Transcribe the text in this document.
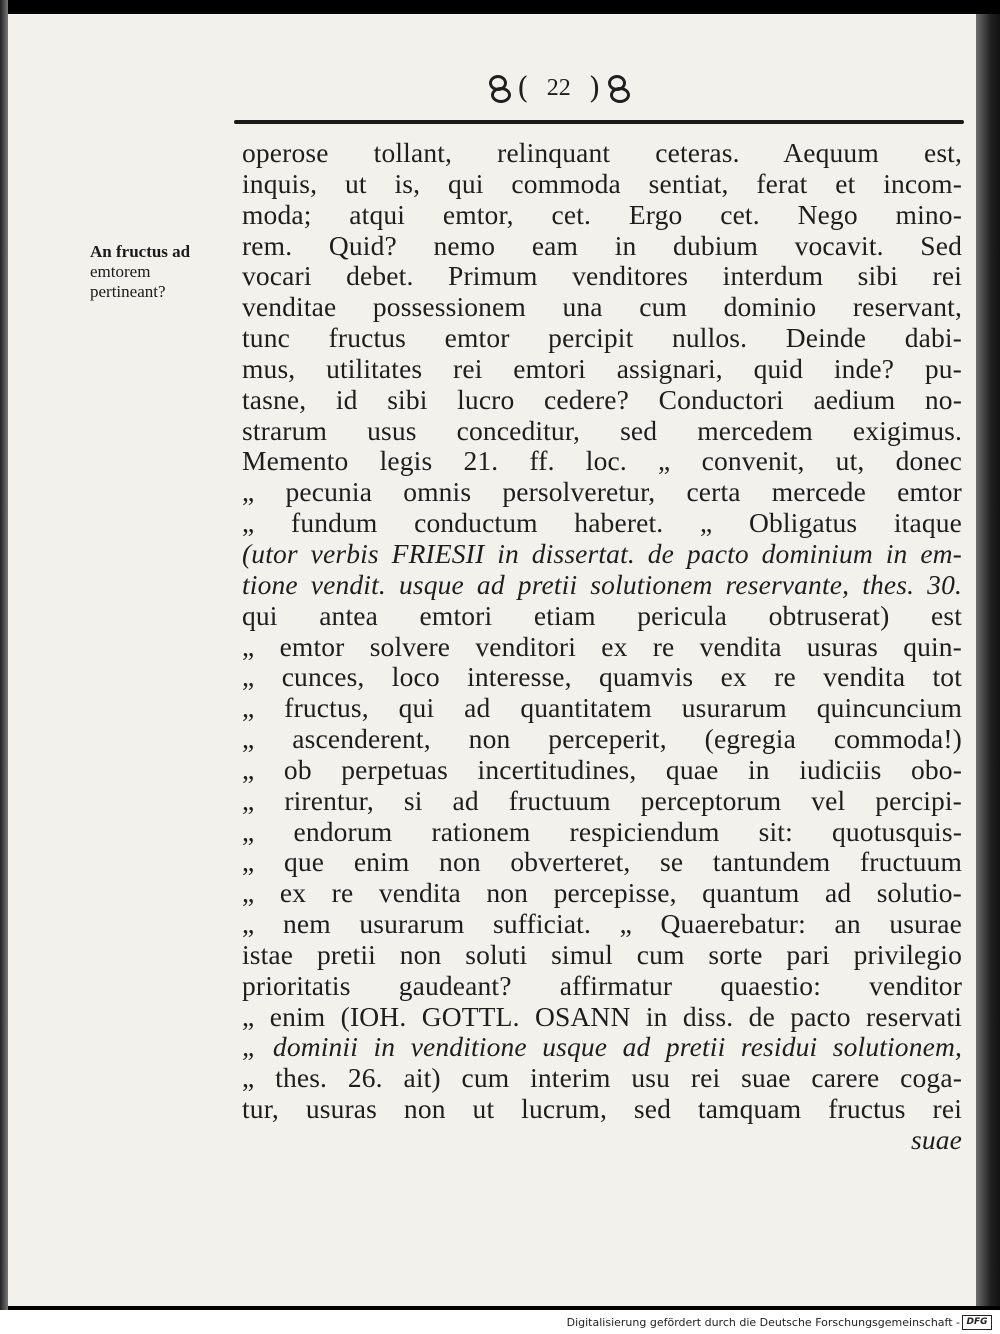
( 22 )
An fructus ad
emtorem
pertineant?
operose tollant, relinquant ceteras. Aequum est,
inquis, ut is, qui commoda sentiat, ferat et incom-
moda; atqui emtor, cet. Ergo cet. Nego mino-
rem. Quid? nemo eam in dubium vocavit. Sed
vocari debet. Primum venditores interdum sibi rei
venditae possessionem una cum dominio reservant,
tunc fructus emtor percipit nullos. Deinde dabi-
mus, utilitates rei emtori assignari, quid inde? pu-
tasne, id sibi lucro cedere? Conductori aedium no-
strarum usus conceditur, sed mercedem exigimus.
Memento legis 21. ff. loc. „ convenit, ut, donec
„ pecunia omnis persolveretur, certa mercede emtor
„ fundum conductum haberet. „ Obligatus itaque
(utor verbis FRIESII in dissertat. de pacto dominium in em-
tione vendit. usque ad pretii solutionem reservante, thes. 30.
qui antea emtori etiam pericula obtruserat) est
„ emtor solvere venditori ex re vendita usuras quin-
„ cunces, loco interesse, quamvis ex re vendita tot
„ fructus, qui ad quantitatem usurarum quincuncium
„ ascenderent, non perceperit, (egregia commoda!)
„ ob perpetuas incertitudines, quae in iudiciis obo-
„ rirentur, si ad fructuum perceptorum vel percipi-
„ endorum rationem respiciendum sit: quotusquis-
„ que enim non obverteret, se tantundem fructuum
„ ex re vendita non percepisse, quantum ad solutio-
„ nem usurarum sufficiat. „ Quaerebatur: an usurae
istae pretii non soluti simul cum sorte pari privilegio
prioritatis gaudeant? affirmatur quaestio: venditor
„ enim (IOH. GOTTL. OSANN in diss. de pacto reservati
„ dominii in venditione usque ad pretii residui solutionem,
„ thes. 26. ait) cum interim usu rei suae carere coga-
tur, usuras non ut lucrum, sed tamquam fructus rei
suae
Digitalisierung gefördert durch die Deutsche Forschungsgemeinschaft - DFG
